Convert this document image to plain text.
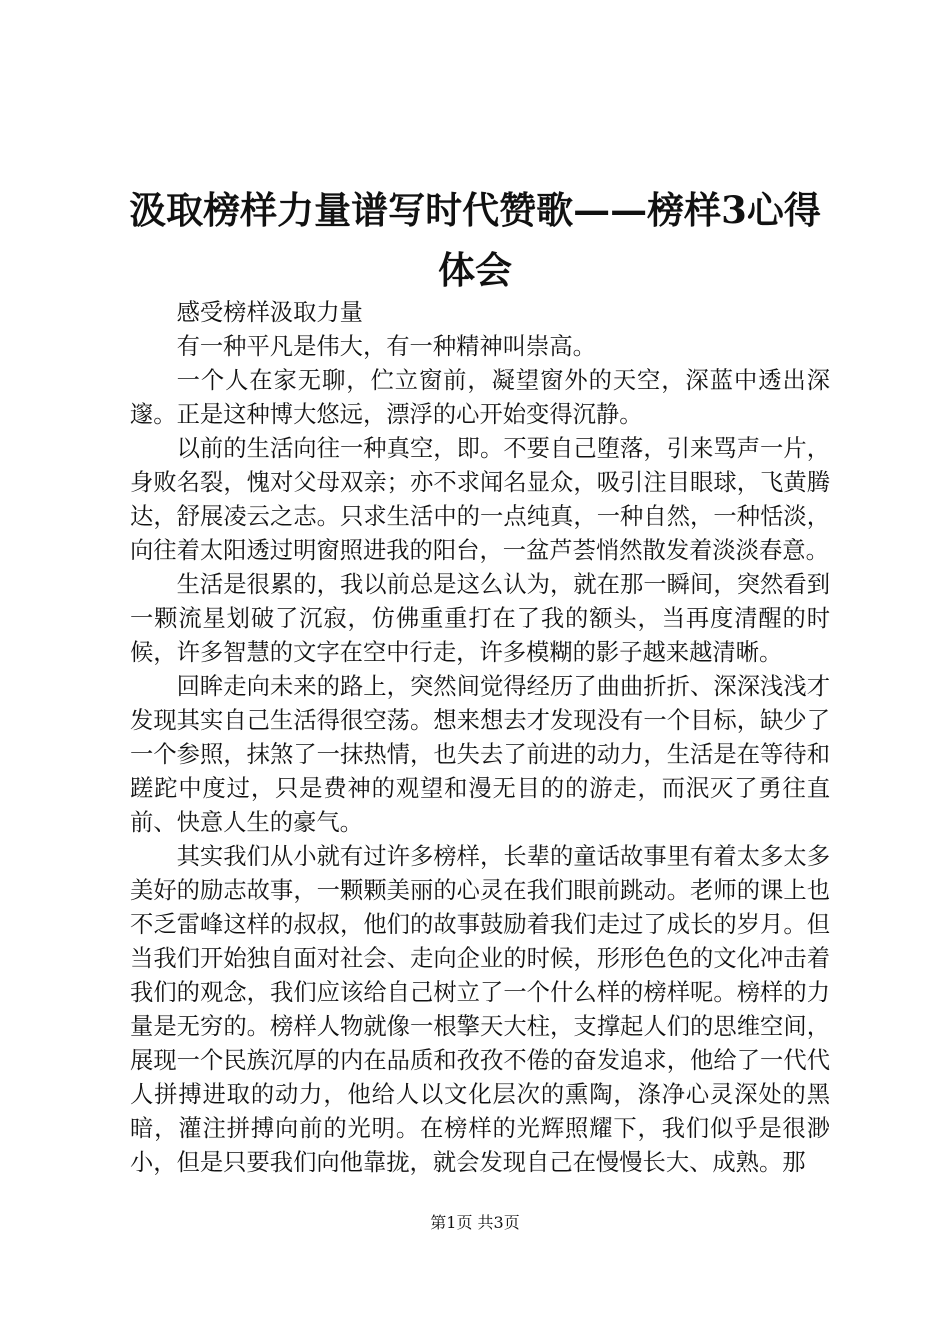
汲取榜样力量谱写时代赞歌——榜样3心得体会

感受榜样汲取力量

有一种平凡是伟大，有一种精神叫崇高。

一个人在家无聊，伫立窗前，凝望窗外的天空，深蓝中透出深邃。正是这种博大悠远，漂浮的心开始变得沉静。

以前的生活向往一种真空，即。不要自己堕落，引来骂声一片，身败名裂，愧对父母双亲；亦不求闻名显众，吸引注目眼球，飞黄腾达，舒展凌云之志。只求生活中的一点纯真，一种自然，一种恬淡，向往着太阳透过明窗照进我的阳台，一盆芦荟悄然散发着淡淡春意。

生活是很累的，我以前总是这么认为，就在那一瞬间，突然看到一颗流星划破了沉寂，仿佛重重打在了我的额头，当再度清醒的时候，许多智慧的文字在空中行走，许多模糊的影子越来越清晰。

回眸走向未来的路上，突然间觉得经历了曲曲折折、深深浅浅才发现其实自己生活得很空荡。想来想去才发现没有一个目标，缺少了一个参照，抹煞了一抹热情，也失去了前进的动力，生活是在等待和蹉跎中度过，只是费神的观望和漫无目的的游走，而泯灭了勇往直前、快意人生的豪气。

其实我们从小就有过许多榜样，长辈的童话故事里有着太多太多美好的励志故事，一颗颗美丽的心灵在我们眼前跳动。老师的课上也不乏雷峰这样的叔叔，他们的故事鼓励着我们走过了成长的岁月。但当我们开始独自面对社会、走向企业的时候，形形色色的文化冲击着我们的观念，我们应该给自己树立了一个什么样的榜样呢。榜样的力量是无穷的。榜样人物就像一根擎天大柱，支撑起人们的思维空间，展现一个民族沉厚的内在品质和孜孜不倦的奋发追求，他给了一代代人拼搏进取的动力，他给人以文化层次的熏陶，涤净心灵深处的黑暗，灌注拼搏向前的光明。在榜样的光辉照耀下，我们似乎是很渺小，但是只要我们向他靠拢，就会发现自己在慢慢长大、成熟。那

第1页 共3页
